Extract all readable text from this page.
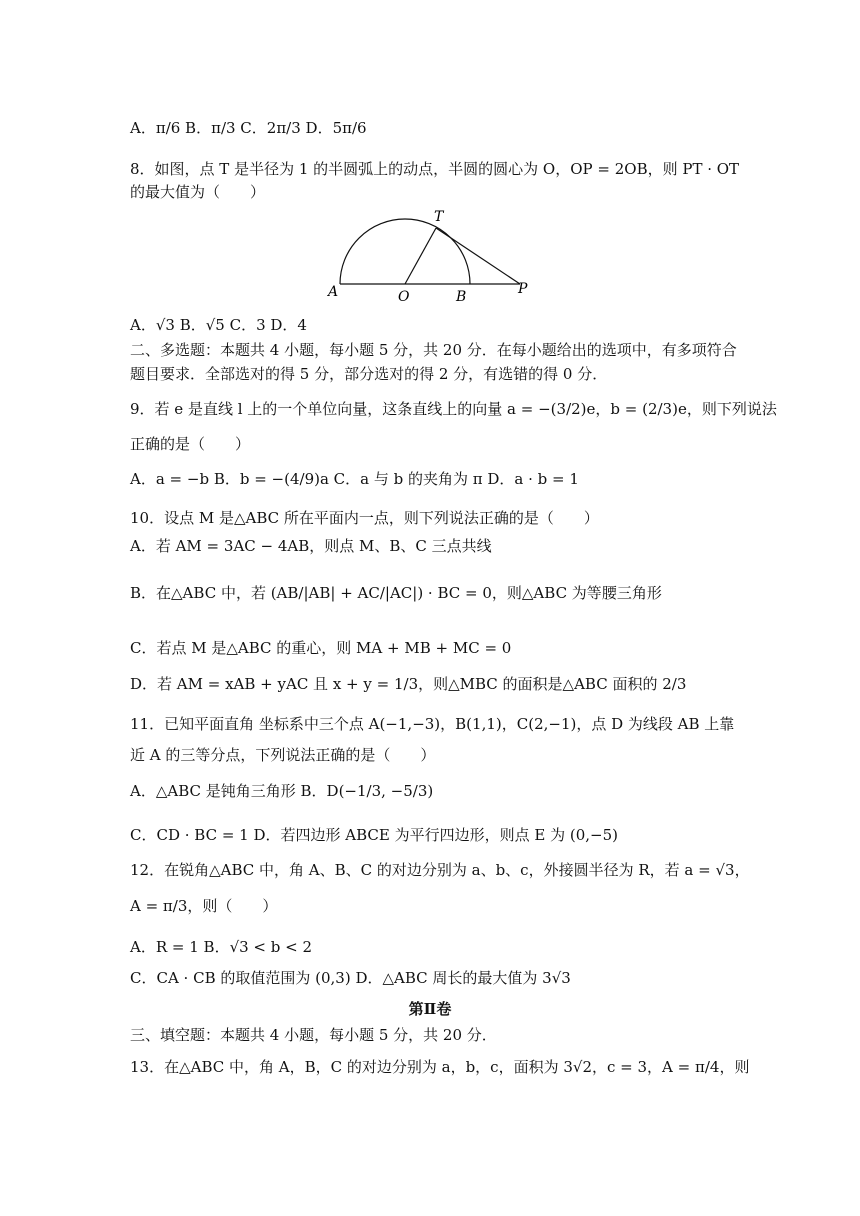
A．π/6 B．π/3 C．2π/3 D．5π/6
8．如图，点 T 是半径为 1 的半圆弧上的动点，半圆的圆心为 O，OP = 2OB，则 PT · OT
的最大值为（　　）
A	O	B	P
T
A．√3 B．√5 C．3 D．4
二、多选题：本题共 4 小题，每小题 5 分，共 20 分．在每小题给出的选项中，有多项符合
题目要求．全部选对的得 5 分，部分选对的得 2 分，有选错的得 0 分．
9．若 e 是直线 l 上的一个单位向量，这条直线上的向量 a = −(3/2)e，b = (2/3)e，则下列说法
正确的是（　　）
A．a = −b B．b = −(4/9)a C．a 与 b 的夹角为 π D．a · b = 1
10．设点 M 是△ABC 所在平面内一点，则下列说法正确的是（　　）
A．若 AM = 3AC − 4AB，则点 M、B、C 三点共线
B．在△ABC 中，若 (AB/|AB| + AC/|AC|) · BC = 0，则△ABC 为等腰三角形
C．若点 M 是△ABC 的重心，则 MA + MB + MC = 0
D．若 AM = xAB + yAC 且 x + y = 1/3，则△MBC 的面积是△ABC 面积的 2/3
11．已知平面直角 坐标系中三个点 A(−1,−3)，B(1,1)，C(2,−1)，点 D 为线段 AB 上靠
近 A 的三等分点，下列说法正确的是（　　）
A．△ABC 是钝角三角形 B．D(−1/3, −5/3)
C．CD · BC = 1 D．若四边形 ABCE 为平行四边形，则点 E 为 (0,−5)
12．在锐角△ABC 中，角 A、B、C 的对边分别为 a、b、c，外接圆半径为 R，若 a = √3，
A = π/3，则（　　）
A．R = 1 B．√3 < b < 2
C．CA · CB 的取值范围为 (0,3) D．△ABC 周长的最大值为 3√3
第Ⅱ卷
三、填空题：本题共 4 小题，每小题 5 分，共 20 分．
13．在△ABC 中，角 A，B，C 的对边分别为 a，b，c，面积为 3√2，c = 3，A = π/4，则
